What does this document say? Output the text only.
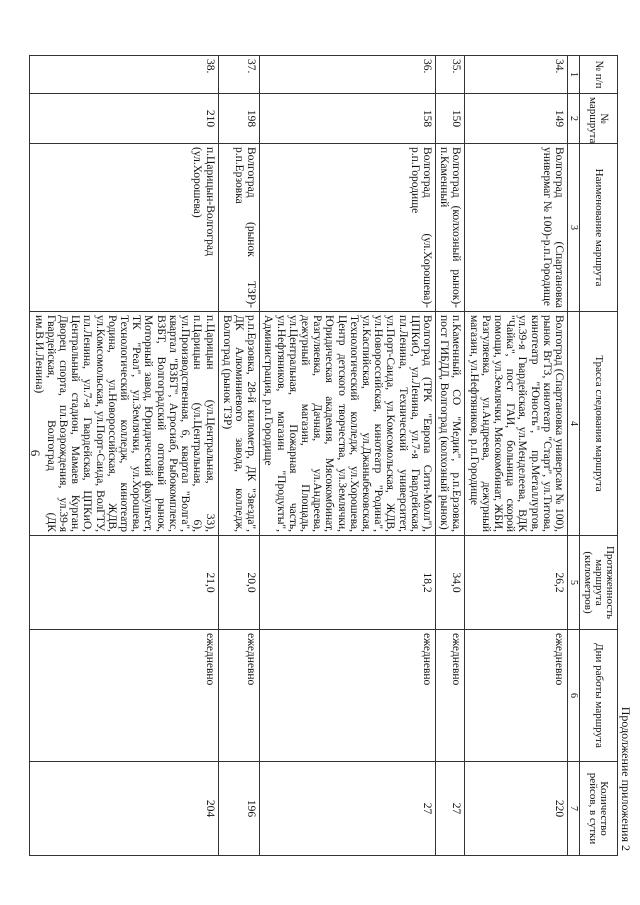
6
Продолжение приложения 2
№ п/п	№ маршрута	Наименование маршрута	Трасса следования маршрута	Протяженность маршрута (километров)	Дни работы маршрута	Количество рейсов, в сутки
1	2	3	4	5	6	7
34.	149	Волгоград (Спартановка универмаг № 100)-р.п.Городище	Волгоград (Спартановка универсам № 100), рынок ВгТЗ, кинотеатр "Старт", ул.Титова, кинотеатр "Юность", пр.Металлургов, ул.39-я Гвардейская, ул.Менделеева, ВДК "Чайка", пост ГАИ, больница скорой помощи, ул.Землячки, Мясокомбинат, ЖБИ, Разгуляевка, ул.Андреева, дежурный магазин, ул.Нефтяников, р.п.Городище	26,2	ежедневно	220
35.	150	Волгоград (колхозный рынок)-п.Каменный	п.Каменный, СО "Медик", р.п.Ерзовка, пост ГИБДД, Волгоград (колхозный рынок)	34,0	ежедневно	27
36.	158	Волгоград (ул.Хорошева)-р.п.Городище	Волгоград (ТРК "Европа Сити-Молл"), ЦПКиО, ул.Ленина, ул.7-я Гвардейская, пл.Ленина, Технический университет, ул.Порт-Саида, ул.Комсомольская, ЖДВ, ул.Новороссийская, кинотеатр "Родина", ул.Каспийская, ул.Джаныбековская, Технологический колледж, ул.Хорошева, Центр детского творчества, ул.Землячки, Юридическая академия, Мясокомбинат, Разгуляевка, Дачная, ул.Андреева, дежурный магазин, Площадь, ул.Центральная, Пожарная часть, ул.Нефтяников, магазин "Продукты", Администрация, р.п.Городище	18,2	ежедневно	27
37.	198	Волгоград (рынок ТЗР)-р.п.Ерзовка	р.п.Ерзовка, 28-й километр, ДК "Звезда", ДК Алюминиевого завода, колледж, Волгоград (рынок ТЗР)	20,0	ежедневно	196
38.	210	п.Царицын-Волгоград (ул.Хорошева)	п.Царицын (ул.Центральная, 33), п.Царицын (ул.Центральная, 6), ул.Производственная, 6, квартал "Волга", квартал "ВЗБТ", Агросиаб, Рыбокомплекс, ВЗБТ, Волгоградский оптовый рынок, Моторный завод, Юридический факультет, ТК "Реал", ул.Землячки, ул.Хорошева, Технологический колледж, кинотеатр Родина, ул.Новороссийская, ЖДВ, ул.Комсомольская, ул.Порт-Саида, ВолГТУ, пл.Ленина, ул.7-я Гвардейская, ЦПКиО, Центральный стадион, Мамаев Курган, Дворец спорта, пл.Возрождения, ул.39-я Гвардейская, Волгоград (ДК им.В.И.Ленина)	21,0	ежедневно	204
